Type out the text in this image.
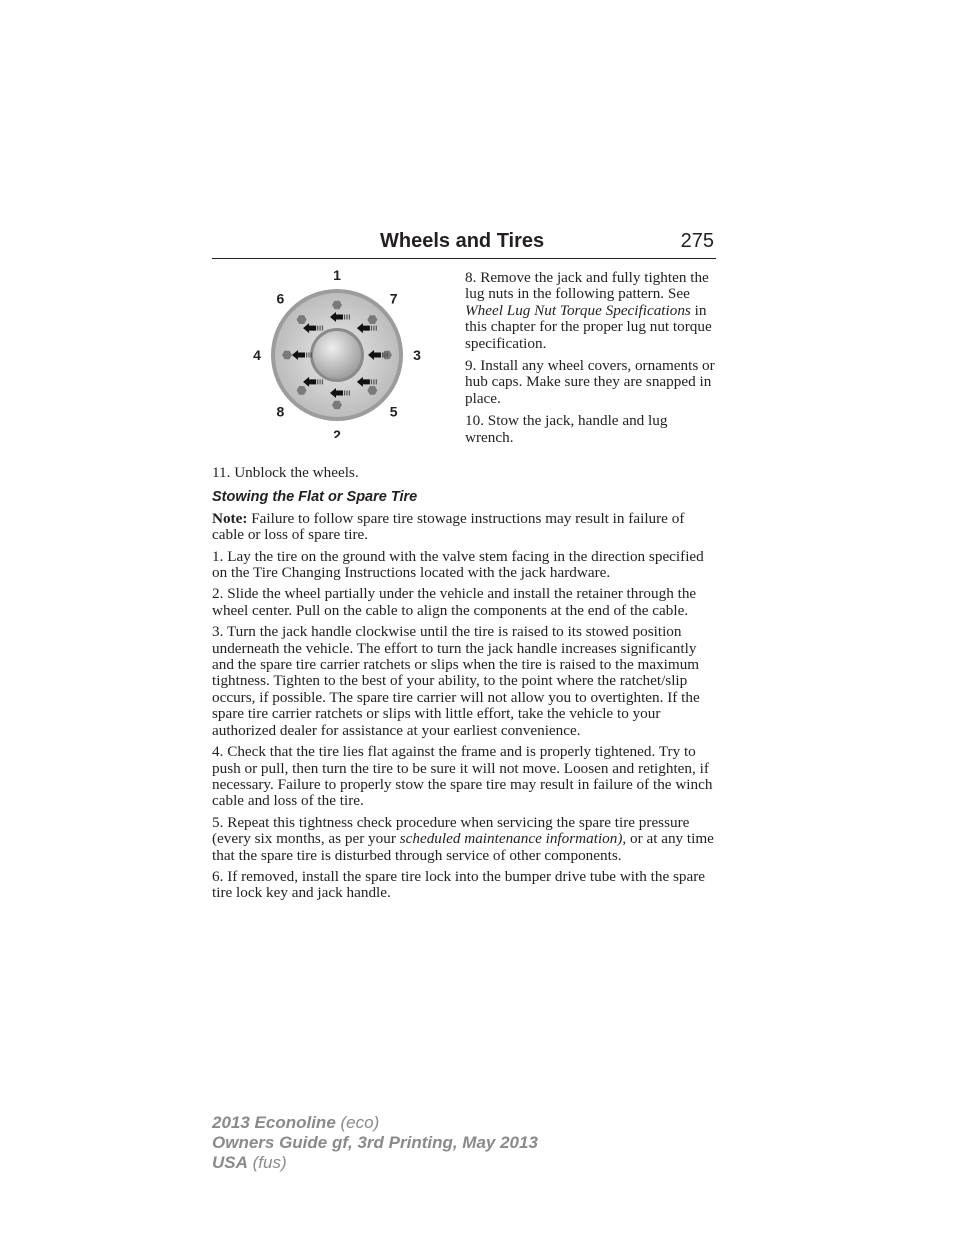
Wheels and Tires	275
1
7
3
5
2
8
4
6

8. Remove the jack and fully tighten the lug nuts in the following pattern. See Wheel Lug Nut Torque Specifications in this chapter for the proper lug nut torque specification.

9. Install any wheel covers, ornaments or hub caps. Make sure they are snapped in place.

10. Stow the jack, handle and lug wrench.

11. Unblock the wheels.

Stowing the Flat or Spare Tire

Note: Failure to follow spare tire stowage instructions may result in failure of cable or loss of spare tire.

1. Lay the tire on the ground with the valve stem facing in the direction specified on the Tire Changing Instructions located with the jack hardware.

2. Slide the wheel partially under the vehicle and install the retainer through the wheel center. Pull on the cable to align the components at the end of the cable.

3. Turn the jack handle clockwise until the tire is raised to its stowed position underneath the vehicle. The effort to turn the jack handle increases significantly and the spare tire carrier ratchets or slips when the tire is raised to the maximum tightness. Tighten to the best of your ability, to the point where the ratchet/slip occurs, if possible. The spare tire carrier will not allow you to overtighten. If the spare tire carrier ratchets or slips with little effort, take the vehicle to your authorized dealer for assistance at your earliest convenience.

4. Check that the tire lies flat against the frame and is properly tightened. Try to push or pull, then turn the tire to be sure it will not move. Loosen and retighten, if necessary. Failure to properly stow the spare tire may result in failure of the winch cable and loss of the tire.

5. Repeat this tightness check procedure when servicing the spare tire pressure (every six months, as per your scheduled maintenance information), or at any time that the spare tire is disturbed through service of other components.

6. If removed, install the spare tire lock into the bumper drive tube with the spare tire lock key and jack handle.

2013 Econoline (eco)
Owners Guide gf, 3rd Printing, May 2013
USA (fus)
